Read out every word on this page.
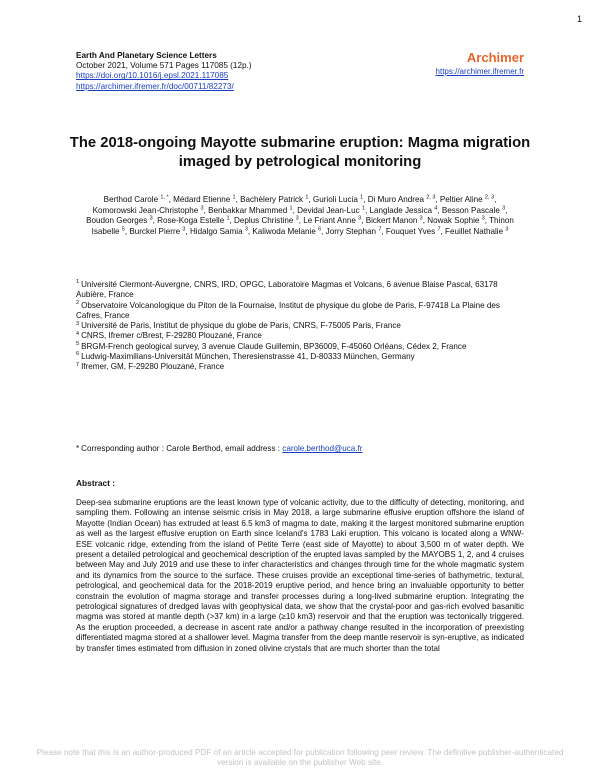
1
Earth And Planetary Science Letters
October 2021, Volume 571 Pages 117085 (12p.)
https://doi.org/10.1016/j.epsl.2021.117085
https://archimer.ifremer.fr/doc/00711/82273/
Archimer
https://archimer.ifremer.fr
The 2018-ongoing Mayotte submarine eruption: Magma migration imaged by petrological monitoring
Berthod Carole $^{1, *}$, Médard Etienne $^1$, Bachèlery Patrick $^1$, Gurioli Lucia $^1$, Di Muro Andrea $^{2, 3}$, Peltier Aline $^{2, 3}$, Komorowski Jean-Christophe $^3$, Benbakkar Mhammed $^1$, Devidal Jean-Luc $^1$, Langlade Jessica $^4$, Besson Pascale $^3$, Boudon Georges $^3$, Rose-Koga Estelle $^1$, Deplus Christine $^3$, Le Friant Anne $^3$, Bickert Manon $^3$, Nowak Sophie $^3$, Thinon Isabelle $^5$, Burckel Pierre $^3$, Hidalgo Samia $^3$, Kaliwoda Melanie $^6$, Jorry Stephan $^7$, Fouquet Yves $^7$, Feuillet Nathalie $^3$
$^1$ Université Clermont-Auvergne, CNRS, IRD, OPGC, Laboratoire Magmas et Volcans, 6 avenue Blaise Pascal, 63178 Aubière, France
$^2$ Observatoire Volcanologique du Piton de la Fournaise, Institut de physique du globe de Paris, F-97418 La Plaine des Cafres, France
$^3$ Université de Paris, Institut de physique du globe de Paris, CNRS, F-75005 Paris, France
$^4$ CNRS, Ifremer c/Brest, F-29280 Plouzané, France
$^5$ BRGM-French geological survey, 3 avenue Claude Guillemin, BP36009, F-45060 Orléans, Cédex 2, France
$^6$ Ludwig-Maximilians-Universität München, Theresienstrasse 41, D-80333 München, Germany
$^7$ Ifremer, GM, F-29280 Plouzané, France
* Corresponding author : Carole Berthod, email address : carole.berthod@uca.fr
Abstract :
Deep-sea submarine eruptions are the least known type of volcanic activity, due to the difficulty of detecting, monitoring, and sampling them. Following an intense seismic crisis in May 2018, a large submarine effusive eruption offshore the island of Mayotte (Indian Ocean) has extruded at least 6.5 km3 of magma to date, making it the largest monitored submarine eruption as well as the largest effusive eruption on Earth since Iceland's 1783 Laki eruption. This volcano is located along a WNW-ESE volcanic ridge, extending from the island of Petite Terre (east side of Mayotte) to about 3,500 m of water depth. We present a detailed petrological and geochemical description of the erupted lavas sampled by the MAYOBS 1, 2, and 4 cruises between May and July 2019 and use these to infer characteristics and changes through time for the whole magmatic system and its dynamics from the source to the surface. These cruises provide an exceptional time-series of bathymetric, textural, petrological, and geochemical data for the 2018-2019 eruptive period, and hence bring an invaluable opportunity to better constrain the evolution of magma storage and transfer processes during a long-lived submarine eruption. Integrating the petrological signatures of dredged lavas with geophysical data, we show that the crystal-poor and gas-rich evolved basanitic magma was stored at mantle depth (>37 km) in a large (≥10 km3) reservoir and that the eruption was tectonically triggered. As the eruption proceeded, a decrease in ascent rate and/or a pathway change resulted in the incorporation of preexisting differentiated magma stored at a shallower level. Magma transfer from the deep mantle reservoir is syn-eruptive, as indicated by transfer times estimated from diffusion in zoned olivine crystals that are much shorter than the total
Please note that this is an author-produced PDF of an article accepted for publication following peer review. The definitive publisher-authenticated version is available on the publisher Web site.
